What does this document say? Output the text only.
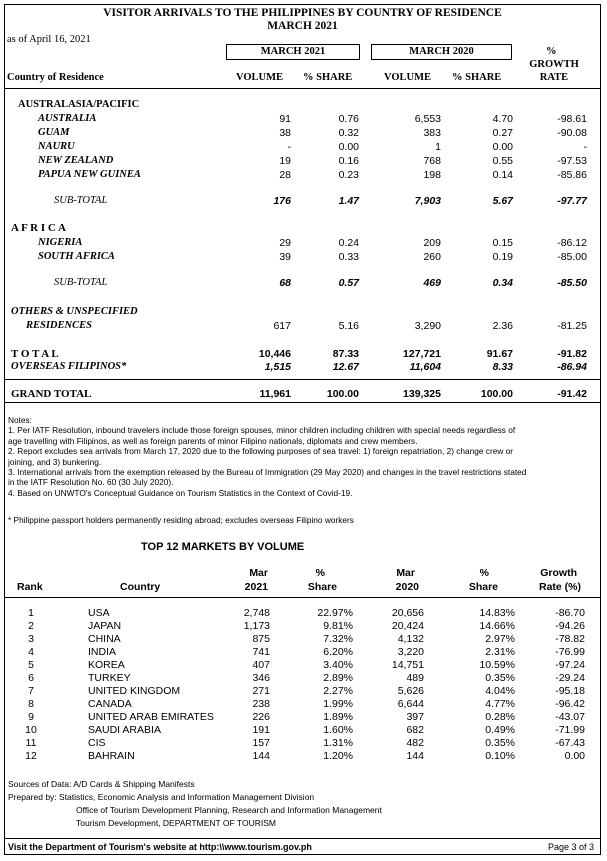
VISITOR ARRIVALS TO THE PHILIPPINES BY COUNTRY OF RESIDENCE
MARCH 2021
as of April 16, 2021
MARCH 2021	MARCH 2020	%
GROWTH RATE
Country of Residence	VOLUME % SHARE	VOLUME % SHARE
AUSTRALASIA/PACIFIC
AUSTRALIA	91	0.76	6,553	4.70	-98.61
GUAM	38	0.32	383	0.27	-90.08
NAURU	-	0.00	1	0.00	-
NEW ZEALAND	19	0.16	768	0.55	-97.53
PAPUA NEW GUINEA	28	0.23	198	0.14	-85.86
SUB-TOTAL	176	1.47	7,903	5.67	-97.77
A F R I C A
NIGERIA	29	0.24	209	0.15	-86.12
SOUTH AFRICA	39	0.33	260	0.19	-85.00
SUB-TOTAL	68	0.57	469	0.34	-85.50
OTHERS & UNSPECIFIED
RESIDENCES	617	5.16	3,290	2.36	-81.25
T O T A L	10,446	87.33	127,721	91.67	-91.82
OVERSEAS FILIPINOS*	1,515	12.67	11,604	8.33	-86.94
GRAND TOTAL	11,961	100.00	139,325	100.00	-91.42
Notes:
1. Per IATF Resolution, inbound travelers include those foreign spouses, minor children including children with special needs regardless of
age travelling with Filipinos, as well as foreign parents of minor Filipino nationals, diplomats and crew members.
2. Report excludes sea arrivals from March 17, 2020 due to the following purposes of sea travel: 1) foreign repatriation, 2) change crew or
joining, and 3) bunkering.
3. International arrivals from the exemption released by the Bureau of Immigration (29 May 2020) and changes in the travel restrictions stated
in the IATF Resolution No. 60 (30 July 2020).
4. Based on UNWTO's Conceptual Guidance on Tourism Statistics in the Context of Covid-19.
* Philippine passport holders permanently residing abroad; excludes overseas Filipino workers
TOP 12 MARKETS BY VOLUME
Mar	%	Mar	%	Growth
Rank	Country	2021	Share	2020	Share	Rate (%)
1	USA	2,748	22.97%	20,656	14.83%	-86.70
2	JAPAN	1,173	9.81%	20,424	14.66%	-94.26
3	CHINA	875	7.32%	4,132	2.97%	-78.82
4	INDIA	741	6.20%	3,220	2.31%	-76.99
5	KOREA	407	3.40%	14,751	10.59%	-97.24
6	TURKEY	346	2.89%	489	0.35%	-29.24
7	UNITED KINGDOM	271	2.27%	5,626	4.04%	-95.18
8	CANADA	238	1.99%	6,644	4.77%	-96.42
9	UNITED ARAB EMIRATES	226	1.89%	397	0.28%	-43.07
10	SAUDI ARABIA	191	1.60%	682	0.49%	-71.99
11	CIS	157	1.31%	482	0.35%	-67.43
12	BAHRAIN	144	1.20%	144	0.10%	0.00
Sources of Data: A/D Cards & Shipping Manifests
Prepared by: Statistics, Economic Analysis and Information Management Division
Office of Tourism Development Planning, Research and Information Management
Tourism Development, DEPARTMENT OF TOURISM
Visit the Department of Tourism's website at http:\\www.tourism.gov.ph	Page 3 of 3
